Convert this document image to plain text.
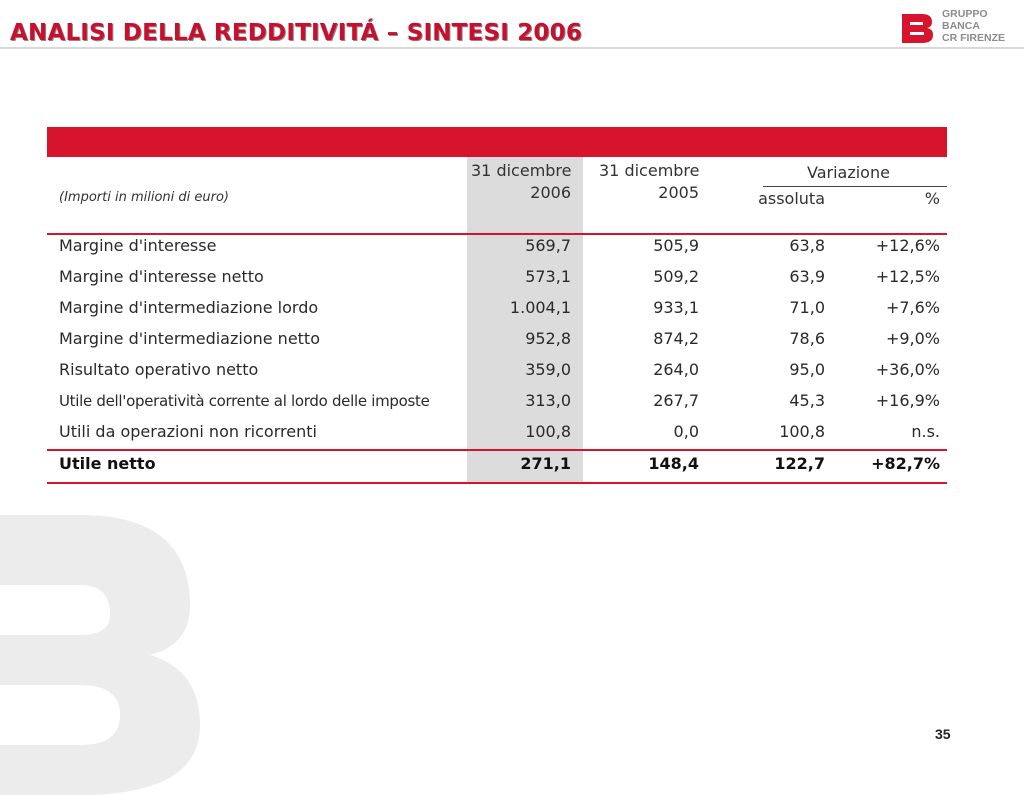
ANALISI DELLA REDDITIVITÁ – SINTESI 2006
GRUPPO
BANCA
CR FIRENZE
31 dicembre
2006
31 dicembre
2005
Variazione
assoluta	%
(Importi in milioni di euro)
Margine d'interesse	569,7	505,9	63,8	+12,6%
Margine d'interesse netto	573,1	509,2	63,9	+12,5%
Margine d'intermediazione lordo	1.004,1	933,1	71,0	+7,6%
Margine d'intermediazione netto	952,8	874,2	78,6	+9,0%
Risultato operativo netto	359,0	264,0	95,0	+36,0%
Utile dell'operatività corrente al lordo delle imposte	313,0	267,7	45,3	+16,9%
Utili da operazioni non ricorrenti	100,8	0,0	100,8	n.s.
Utile netto	271,1	148,4	122,7	+82,7%
35
